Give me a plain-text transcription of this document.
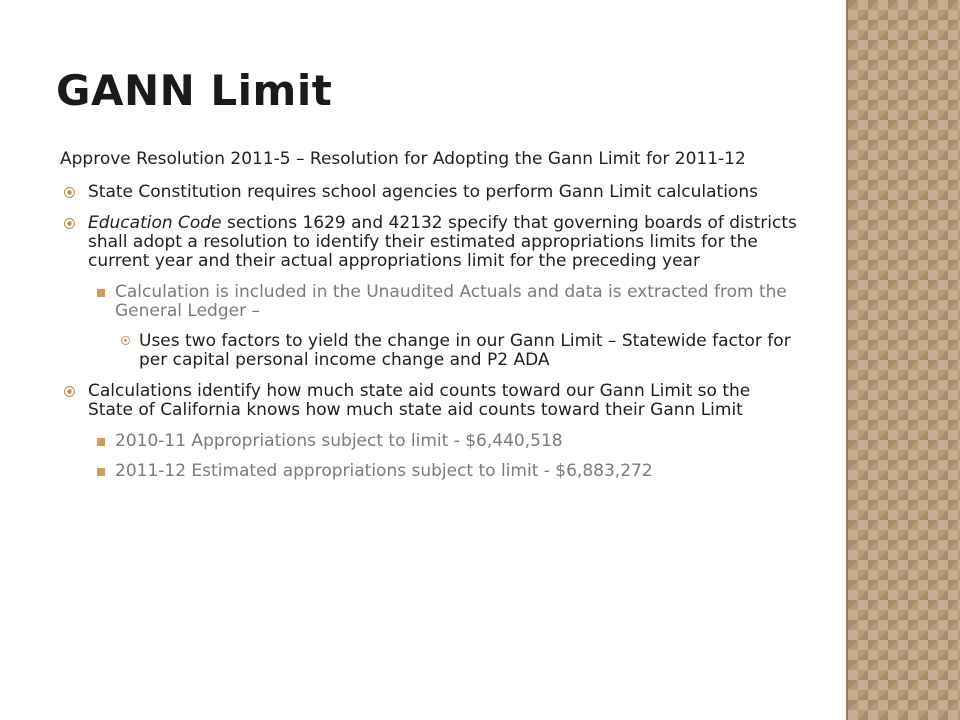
GANN Limit

Approve Resolution 2011-5 – Resolution for Adopting the Gann Limit for 2011-12

State Constitution requires school agencies to perform Gann Limit calculations
Education Code sections 1629 and 42132 specify that governing boards of districts shall adopt a resolution to identify their estimated appropriations limits for the current year and their actual appropriations limit for the preceding year
Calculation is included in the Unaudited Actuals and data is extracted from the General Ledger –
Uses two factors to yield the change in our Gann Limit – Statewide factor for per capital personal income change and P2 ADA
Calculations identify how much state aid counts toward our Gann Limit so the State of California knows how much state aid counts toward their Gann Limit
2010-11 Appropriations subject to limit - $6,440,518
2011-12 Estimated appropriations subject to limit - $6,883,272
